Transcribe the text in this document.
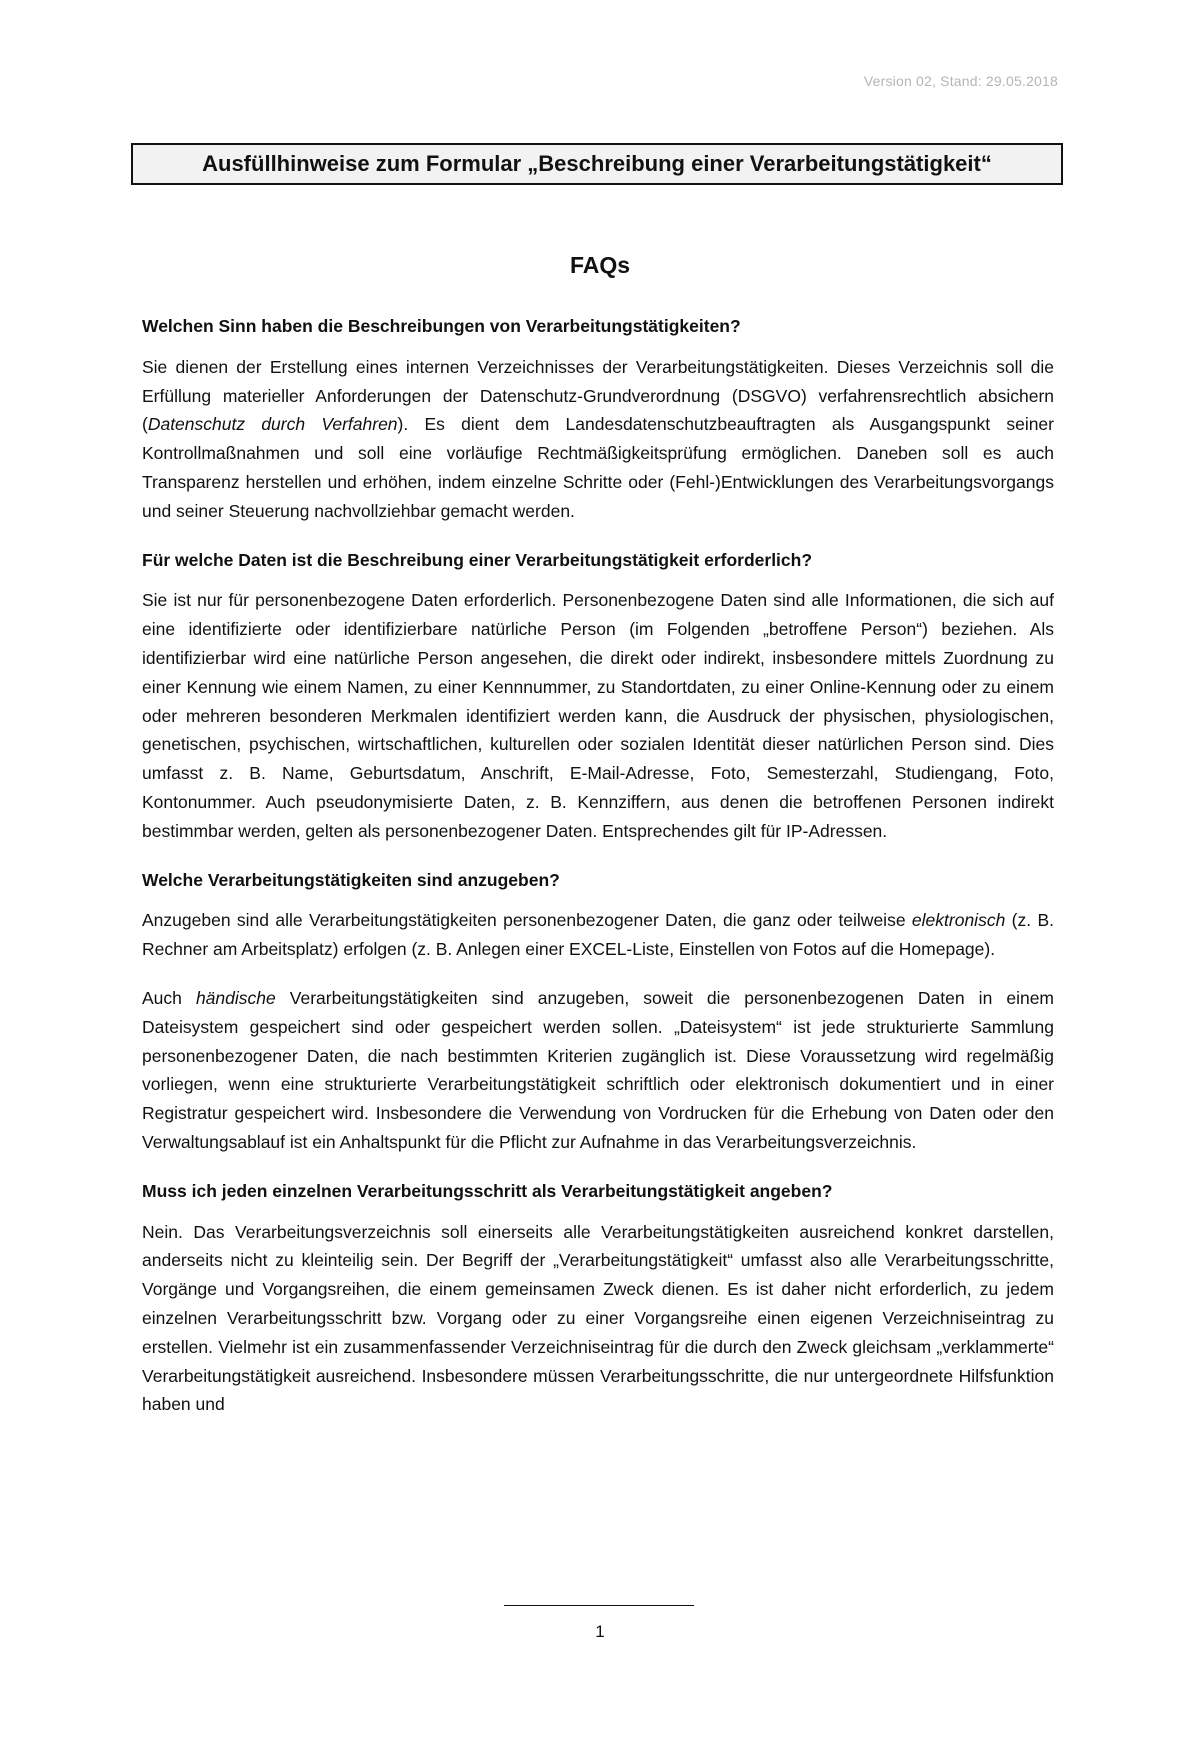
Version 02, Stand: 29.05.2018
Ausfüllhinweise zum Formular „Beschreibung einer Verarbeitungstätigkeit“
FAQs
Welchen Sinn haben die Beschreibungen von Verarbeitungstätigkeiten?

Sie dienen der Erstellung eines internen Verzeichnisses der Verarbeitungstätigkeiten. Dieses Verzeichnis soll die Erfüllung materieller Anforderungen der Datenschutz-Grundverordnung (DSGVO) verfahrensrechtlich absichern (Datenschutz durch Verfahren). Es dient dem Landesdatenschutzbeauftragten als Ausgangspunkt seiner Kontrollmaßnahmen und soll eine vorläufige Rechtmäßigkeitsprüfung ermöglichen. Daneben soll es auch Transparenz herstellen und erhöhen, indem einzelne Schritte oder (Fehl-)Entwicklungen des Verarbeitungsvorgangs und seiner Steuerung nachvollziehbar gemacht werden.

Für welche Daten ist die Beschreibung einer Verarbeitungstätigkeit erforderlich?

Sie ist nur für personenbezogene Daten erforderlich. Personenbezogene Daten sind alle Informationen, die sich auf eine identifizierte oder identifizierbare natürliche Person (im Folgenden „betroffene Person“) beziehen. Als identifizierbar wird eine natürliche Person angesehen, die direkt oder indirekt, insbesondere mittels Zuordnung zu einer Kennung wie einem Namen, zu einer Kennnummer, zu Standortdaten, zu einer Online-Kennung oder zu einem oder mehreren besonderen Merkmalen identifiziert werden kann, die Ausdruck der physischen, physiologischen, genetischen, psychischen, wirtschaftlichen, kulturellen oder sozialen Identität dieser natürlichen Person sind. Dies umfasst z. B. Name, Geburtsdatum, Anschrift, E-Mail-Adresse, Foto, Semesterzahl, Studiengang, Foto, Kontonummer. Auch pseudonymisierte Daten, z. B. Kennziffern, aus denen die betroffenen Personen indirekt bestimmbar werden, gelten als personenbezogener Daten. Entsprechendes gilt für IP-Adressen.

Welche Verarbeitungstätigkeiten sind anzugeben?

Anzugeben sind alle Verarbeitungstätigkeiten personenbezogener Daten, die ganz oder teilweise elektronisch (z. B. Rechner am Arbeitsplatz) erfolgen (z. B. Anlegen einer EXCEL-Liste, Einstellen von Fotos auf die Homepage).

Auch händische Verarbeitungstätigkeiten sind anzugeben, soweit die personenbezogenen Daten in einem Dateisystem gespeichert sind oder gespeichert werden sollen. „Dateisystem“ ist jede strukturierte Sammlung personenbezogener Daten, die nach bestimmten Kriterien zugänglich ist. Diese Voraussetzung wird regelmäßig vorliegen, wenn eine strukturierte Verarbeitungstätigkeit schriftlich oder elektronisch dokumentiert und in einer Registratur gespeichert wird. Insbesondere die Verwendung von Vordrucken für die Erhebung von Daten oder den Verwaltungsablauf ist ein Anhaltspunkt für die Pflicht zur Aufnahme in das Verarbeitungsverzeichnis.

Muss ich jeden einzelnen Verarbeitungsschritt als Verarbeitungstätigkeit angeben?

Nein. Das Verarbeitungsverzeichnis soll einerseits alle Verarbeitungstätigkeiten ausreichend konkret darstellen, anderseits nicht zu kleinteilig sein. Der Begriff der „Verarbeitungstätigkeit“ umfasst also alle Verarbeitungsschritte, Vorgänge und Vorgangsreihen, die einem gemeinsamen Zweck dienen. Es ist daher nicht erforderlich, zu jedem einzelnen Verarbeitungsschritt bzw. Vorgang oder zu einer Vorgangsreihe einen eigenen Verzeichniseintrag zu erstellen. Vielmehr ist ein zusammenfassender Verzeichniseintrag für die durch den Zweck gleichsam „verklammerte“ Verarbeitungstätigkeit ausreichend. Insbesondere müssen Verarbeitungsschritte, die nur untergeordnete Hilfsfunktion haben und

1
